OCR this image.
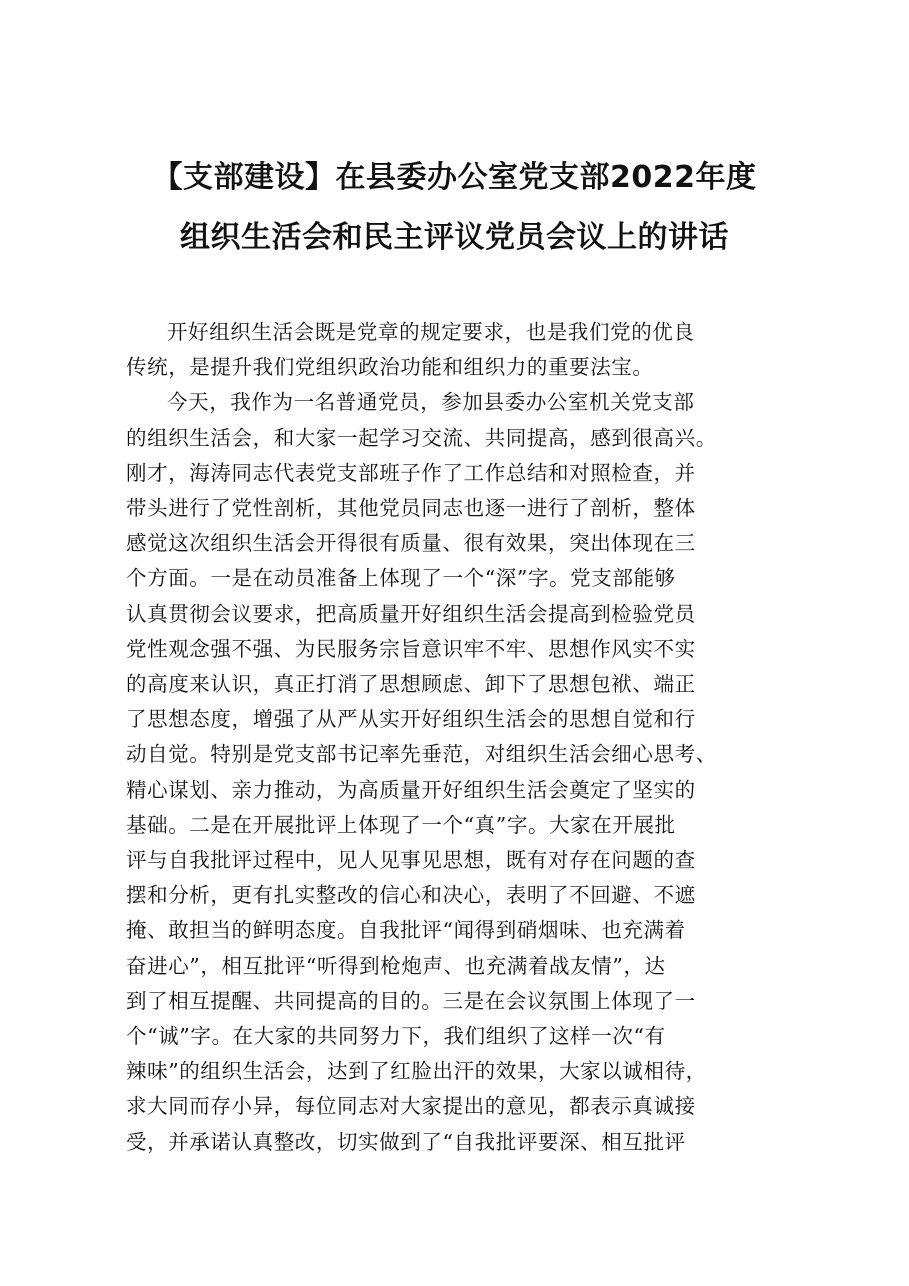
【支部建设】在县委办公室党支部2022年度
组织生活会和民主评议党员会议上的讲话

开好组织生活会既是党章的规定要求，也是我们党的优良
传统，是提升我们党组织政治功能和组织力的重要法宝。

今天，我作为一名普通党员，参加县委办公室机关党支部
的组织生活会，和大家一起学习交流、共同提高，感到很高兴。
刚才，海涛同志代表党支部班子作了工作总结和对照检查，并
带头进行了党性剖析，其他党员同志也逐一进行了剖析，整体
感觉这次组织生活会开得很有质量、很有效果，突出体现在三
个方面。一是在动员准备上体现了一个“深”字。党支部能够
认真贯彻会议要求，把高质量开好组织生活会提高到检验党员
党性观念强不强、为民服务宗旨意识牢不牢、思想作风实不实
的高度来认识，真正打消了思想顾虑、卸下了思想包袱、端正
了思想态度，增强了从严从实开好组织生活会的思想自觉和行
动自觉。特别是党支部书记率先垂范，对组织生活会细心思考、
精心谋划、亲力推动，为高质量开好组织生活会奠定了坚实的
基础。二是在开展批评上体现了一个“真”字。大家在开展批
评与自我批评过程中，见人见事见思想，既有对存在问题的查
摆和分析，更有扎实整改的信心和决心，表明了不回避、不遮
掩、敢担当的鲜明态度。自我批评“闻得到硝烟味、也充满着
奋进心”，相互批评“听得到枪炮声、也充满着战友情”，达
到了相互提醒、共同提高的目的。三是在会议氛围上体现了一
个“诚”字。在大家的共同努力下，我们组织了这样一次“有
辣味”的组织生活会，达到了红脸出汗的效果，大家以诚相待，
求大同而存小异，每位同志对大家提出的意见，都表示真诚接
受，并承诺认真整改，切实做到了“自我批评要深、相互批评
